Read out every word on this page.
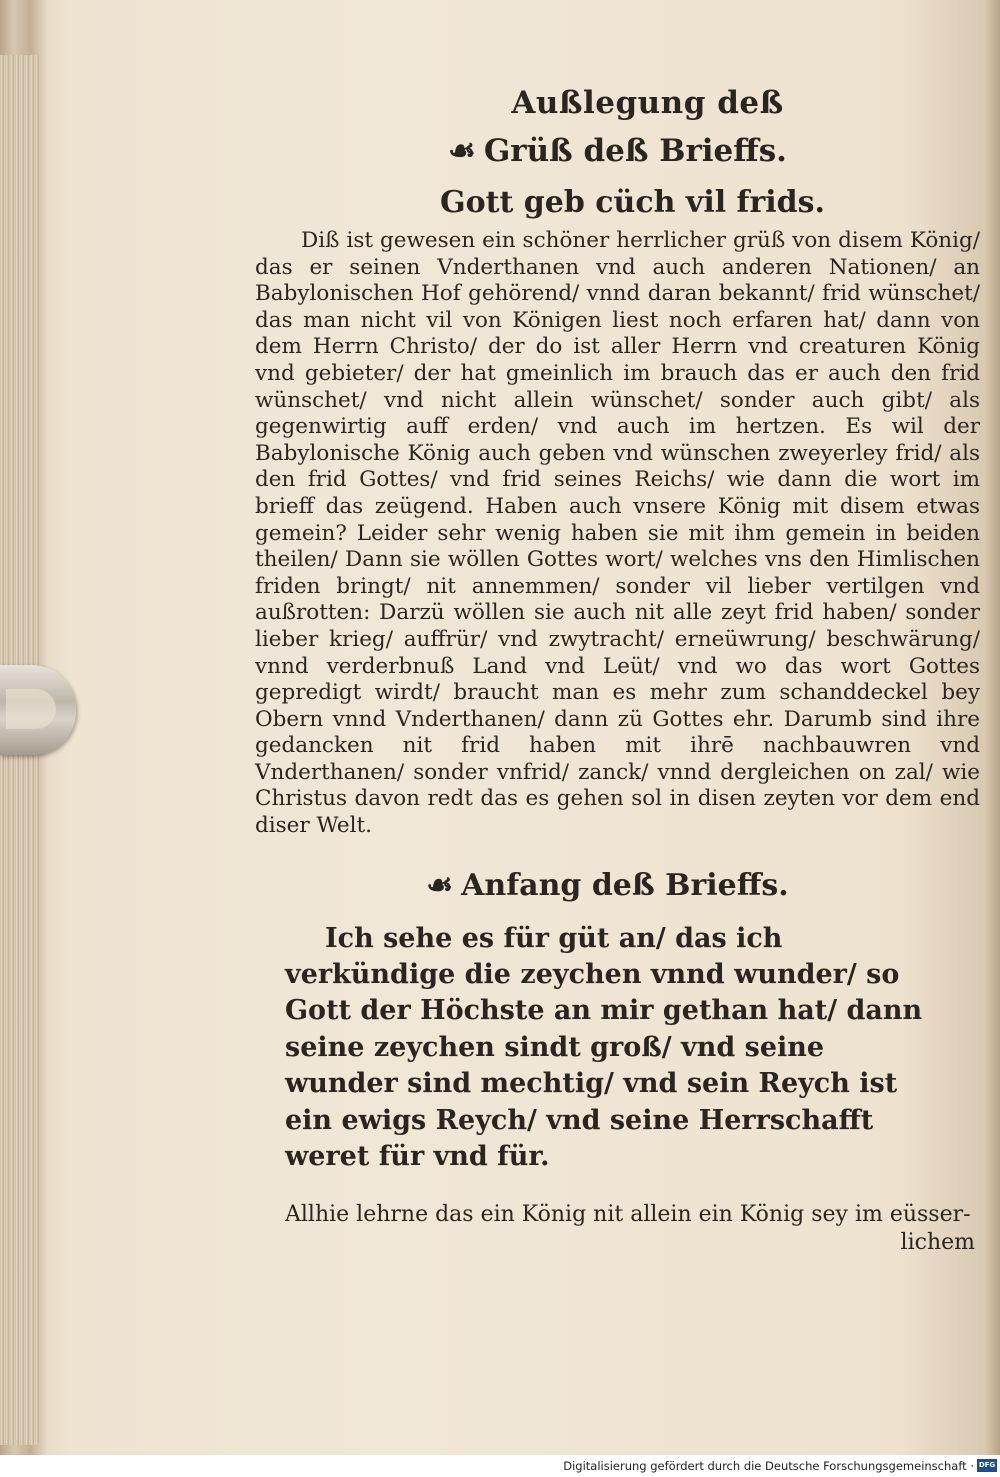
Außlegung deß

☙ Grüß deß Brieffs.

Gott geb cüch vil frids.

Diß ist gewesen ein schöner herrlicher grüß von disem König/ das er seinen Vnderthanen vnd auch anderen Nationen/ an Babylonischen Hof gehörend/ vnnd daran bekannt/ frid wünschet/ das man nicht vil von Königen liest noch erfaren hat/ dann von dem Herrn Christo/ der do ist aller Herrn vnd creaturen König vnd gebieter/ der hat gmeinlich im brauch das er auch den frid wünschet/ vnd nicht allein wünschet/ sonder auch gibt/ als gegenwirtig auff erden/ vnd auch im hertzen. Es wil der Babylonische König auch geben vnd wünschen zweyerley frid/ als den frid Gottes/ vnd frid seines Reichs/ wie dann die wort im brieff das zeügend. Haben auch vnsere König mit disem etwas gemein? Leider sehr wenig haben sie mit ihm gemein in beiden theilen/ Dann sie wöllen Gottes wort/ welches vns den Himlischen friden bringt/ nit annemmen/ sonder vil lieber vertilgen vnd außrotten: Darzü wöllen sie auch nit alle zeyt frid haben/ sonder lieber krieg/ auffrür/ vnd zwytracht/ erneüwrung/ beschwärung/ vnnd verderbnuß Land vnd Leüt/ vnd wo das wort Gottes gepredigt wirdt/ braucht man es mehr zum schanddeckel bey Obern vnnd Vnderthanen/ dann zü Gottes ehr. Darumb sind ihre gedancken nit frid haben mit ihrē nachbauwren vnd Vnderthanen/ sonder vnfrid/ zanck/ vnnd dergleichen on zal/ wie Christus davon redt das es gehen sol in disen zeyten vor dem end diser Welt.

☙ Anfang deß Brieffs.

Ich sehe es für güt an/ das ich verkündige die zeychen vnnd wunder/ so Gott der Höchste an mir gethan hat/ dann seine zeychen sindt groß/ vnd seine wunder sind mechtig/ vnd sein Reych ist ein ewigs Reych/ vnd seine Herrschafft weret für vnd für.

Allhie lehrne das ein König nit allein ein König sey im eüsser-

lichem

Digitalisierung gefördert durch die Deutsche Forschungsgemeinschaft · DFG
